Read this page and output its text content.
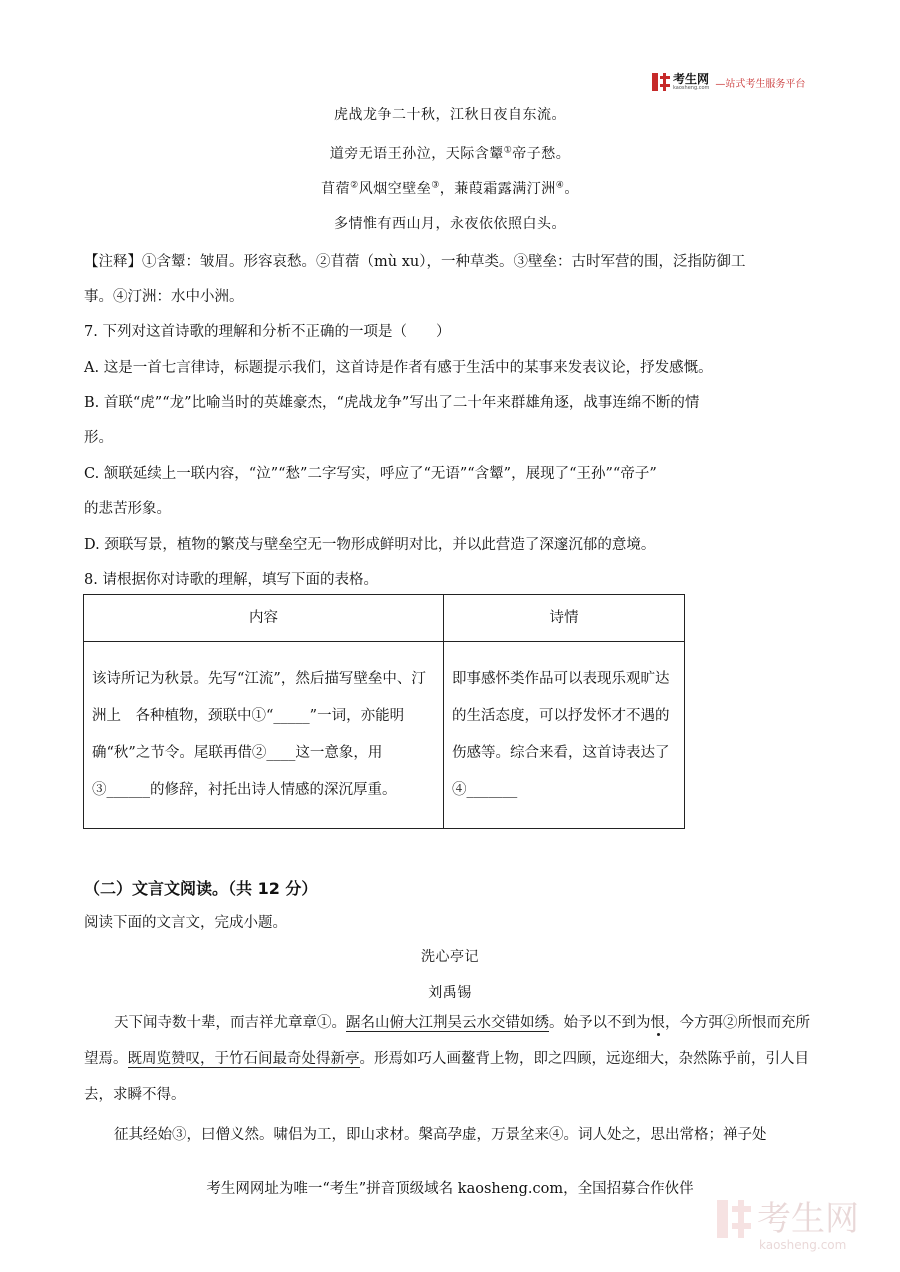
考生网
kaosheng.com —站式考生服务平台
虎战龙争二十秋，江秋日夜自东流。
道旁无语王孙泣，天际含颦①帝子愁。
苜蓿②风烟空壁垒③，蒹葭霜露满汀洲④。
多情惟有西山月，永夜依依照白头。
【注释】①含颦：皱眉。形容哀愁。②苜蓿（mù xu），一种草类。③壁垒：古时军营的围，泛指防御工
事。④汀洲：水中小洲。
7. 下列对这首诗歌的理解和分析不正确的一项是（　　）
A. 这是一首七言律诗，标题提示我们，这首诗是作者有感于生活中的某事来发表议论，抒发感慨。
B. 首联“虎”“龙”比喻当时的英雄豪杰，“虎战龙争”写出了二十年来群雄角逐，战事连绵不断的情
形。
C. 颔联延续上一联内容，“泣”“愁”二字写实，呼应了“无语”“含颦”，展现了“王孙”“帝子”
的悲苦形象。
D. 颈联写景，植物的繁茂与壁垒空无一物形成鲜明对比，并以此营造了深邃沉郁的意境。
8. 请根据你对诗歌的理解，填写下面的表格。
内容	诗情
该诗所记为秋景。先写“江流”，然后描写壁垒中、汀洲上　各种植物，颈联中①“_____”一词，亦能明确“秋”之节令。尾联再借②____这一意象，用③______的修辞，衬托出诗人情感的深沉厚重。	即事感怀类作品可以表现乐观旷达的生活态度，可以抒发怀才不遇的伤感等。综合来看，这首诗表达了④_______
（二）文言文阅读。（共 12 分）
阅读下面的文言文，完成小题。
洗心亭记
刘禹锡
天下闻寺数十辈，而吉祥尤章章①。踞名山俯大江荆吴云水交错如绣。始予以不到为恨，今方弭②所恨而充所望焉。既周览赞叹，于竹石间最奇处得新亭。形焉如巧人画鳌背上物，即之四顾，远迩细大，杂然陈乎前，引人目去，求瞬不得。
征其经始③，曰僧义然。啸侣为工，即山求材。槃高孕虚，万景坌来④。词人处之，思出常格；禅子处
考生网网址为唯一“考生”拼音顶级域名 kaosheng.com，全国招募合作伙伴
考生网
kaosheng.com
